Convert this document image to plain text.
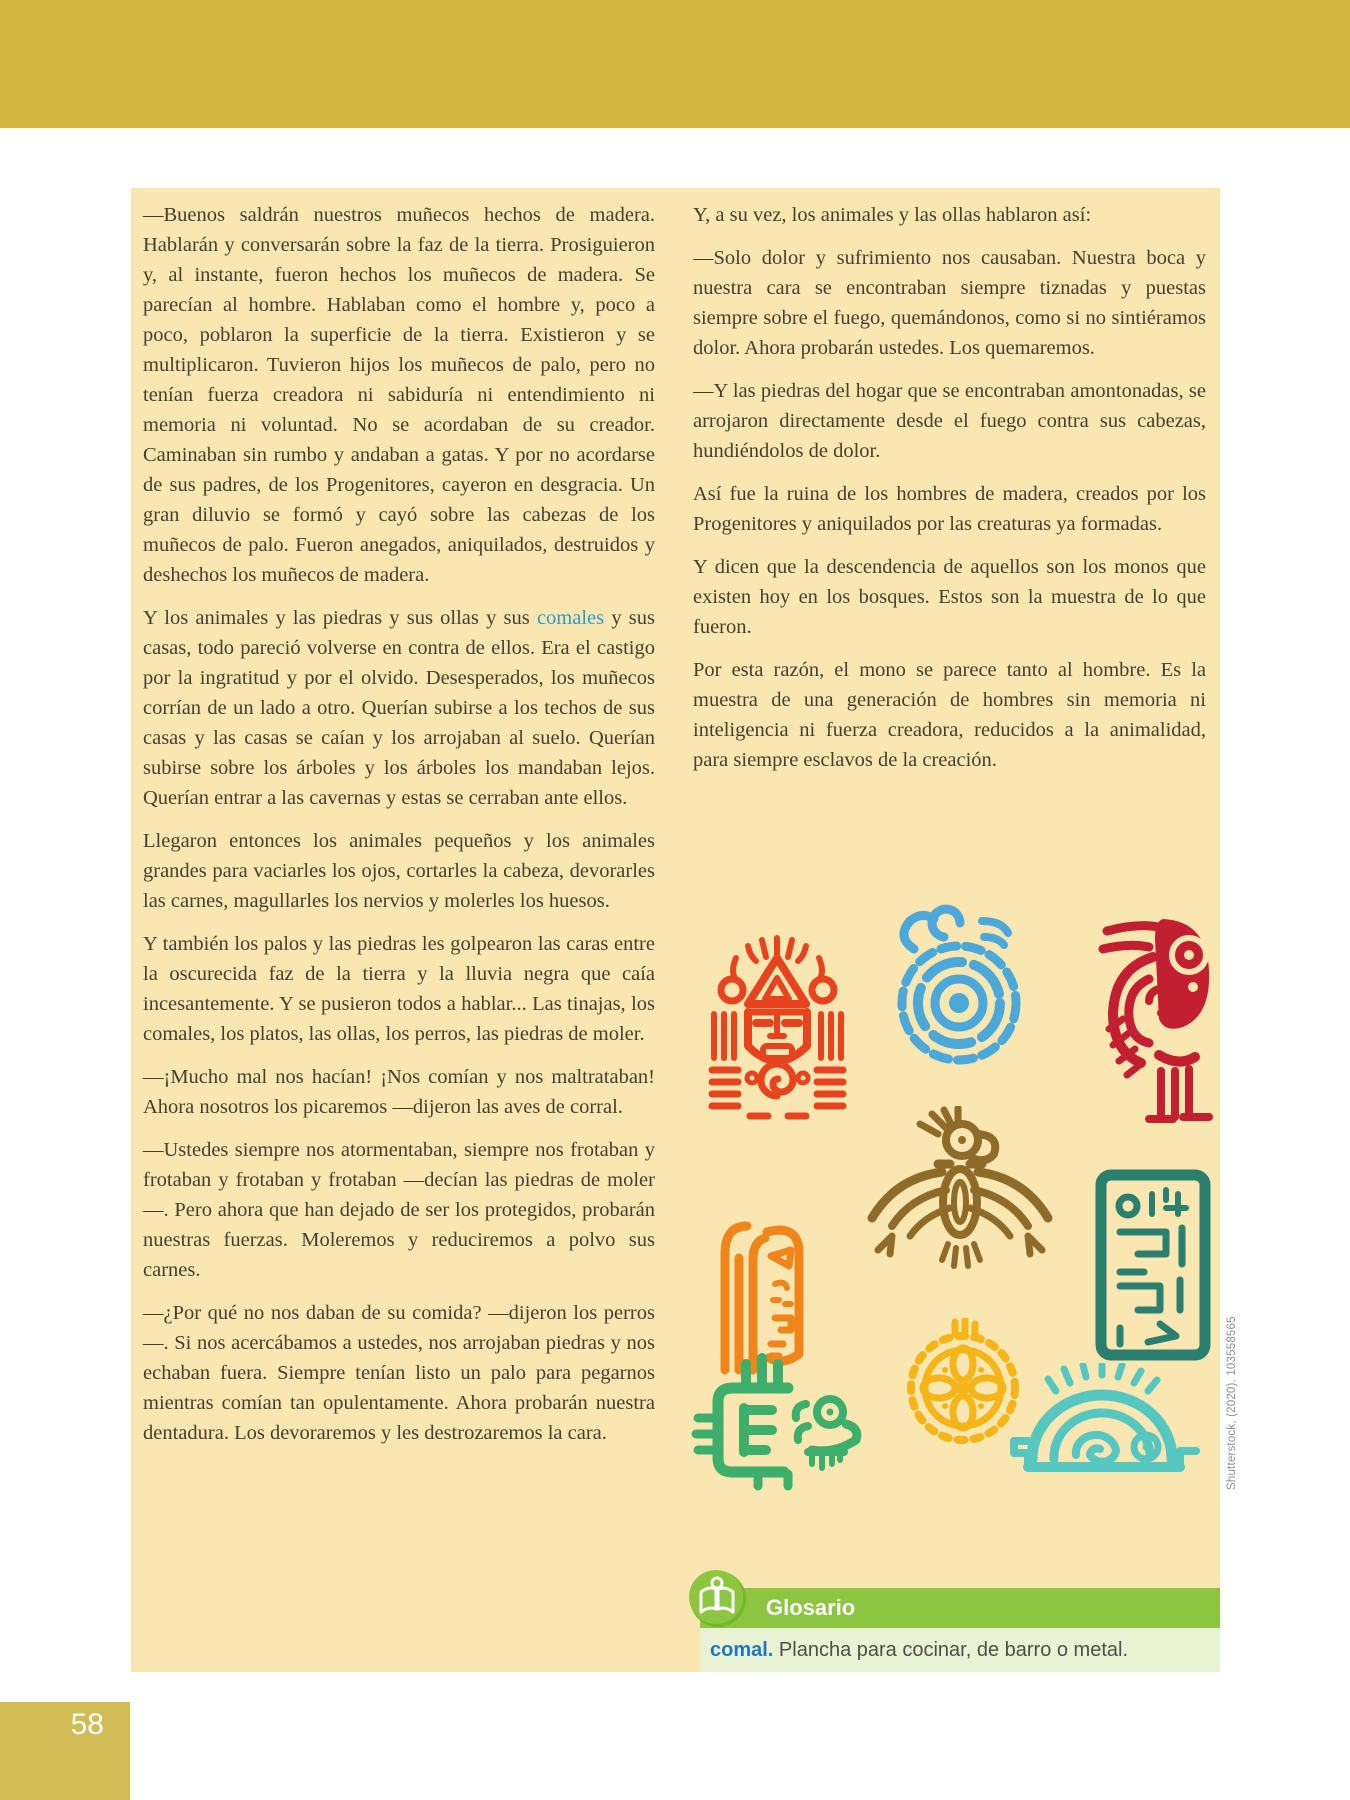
—Buenos saldrán nuestros muñecos hechos de madera. Hablarán y conversarán sobre la faz de la tierra. Prosiguieron y, al instante, fueron hechos los muñecos de madera. Se parecían al hombre. Hablaban como el hombre y, poco a poco, poblaron la superficie de la tierra. Existieron y se multiplicaron. Tuvieron hijos los muñecos de palo, pero no tenían fuerza creadora ni sabiduría ni entendimiento ni memoria ni voluntad. No se acordaban de su creador. Caminaban sin rumbo y andaban a gatas. Y por no acordarse de sus padres, de los Progenitores, cayeron en desgracia. Un gran diluvio se formó y cayó sobre las cabezas de los muñecos de palo. Fueron anegados, aniquilados, destruidos y deshechos los muñecos de madera.

Y los animales y las piedras y sus ollas y sus comales y sus casas, todo pareció volverse en contra de ellos. Era el castigo por la ingratitud y por el olvido. Desesperados, los muñecos corrían de un lado a otro. Querían subirse a los techos de sus casas y las casas se caían y los arrojaban al suelo. Querían subirse sobre los árboles y los árboles los mandaban lejos. Querían entrar a las cavernas y estas se cerraban ante ellos.

Llegaron entonces los animales pequeños y los animales grandes para vaciarles los ojos, cortarles la cabeza, devorarles las carnes, magullarles los nervios y molerles los huesos.

Y también los palos y las piedras les golpearon las caras entre la oscurecida faz de la tierra y la lluvia negra que caía incesantemente. Y se pusieron todos a hablar... Las tinajas, los comales, los platos, las ollas, los perros, las piedras de moler.

—¡Mucho mal nos hacían! ¡Nos comían y nos maltrataban! Ahora nosotros los picaremos —dijeron las aves de corral.

—Ustedes siempre nos atormentaban, siempre nos frotaban y frotaban y frotaban y frotaban —decían las piedras de moler—. Pero ahora que han dejado de ser los protegidos, probarán nuestras fuerzas. Moleremos y reduciremos a polvo sus carnes.

—¿Por qué no nos daban de su comida? —dijeron los perros—. Si nos acercábamos a ustedes, nos arrojaban piedras y nos echaban fuera. Siempre tenían listo un palo para pegarnos mientras comían tan opulentamente. Ahora probarán nuestra dentadura. Los devoraremos y les destrozaremos la cara.

Y, a su vez, los animales y las ollas hablaron así:

—Solo dolor y sufrimiento nos causaban. Nuestra boca y nuestra cara se encontraban siempre tiznadas y puestas siempre sobre el fuego, quemándonos, como si no sintiéramos dolor. Ahora probarán ustedes. Los quemaremos.

—Y las piedras del hogar que se encontraban amontonadas, se arrojaron directamente desde el fuego contra sus cabezas, hundiéndolos de dolor.

Así fue la ruina de los hombres de madera, creados por los Progenitores y aniquilados por las creaturas ya formadas.

Y dicen que la descendencia de aquellos son los monos que existen hoy en los bosques. Estos son la muestra de lo que fueron.

Por esta razón, el mono se parece tanto al hombre. Es la muestra de una generación de hombres sin memoria ni inteligencia ni fuerza creadora, reducidos a la animalidad, para siempre esclavos de la creación.

Glosario
comal. Plancha para cocinar, de barro o metal.
58
Shutterstock, (2020). 103558565
